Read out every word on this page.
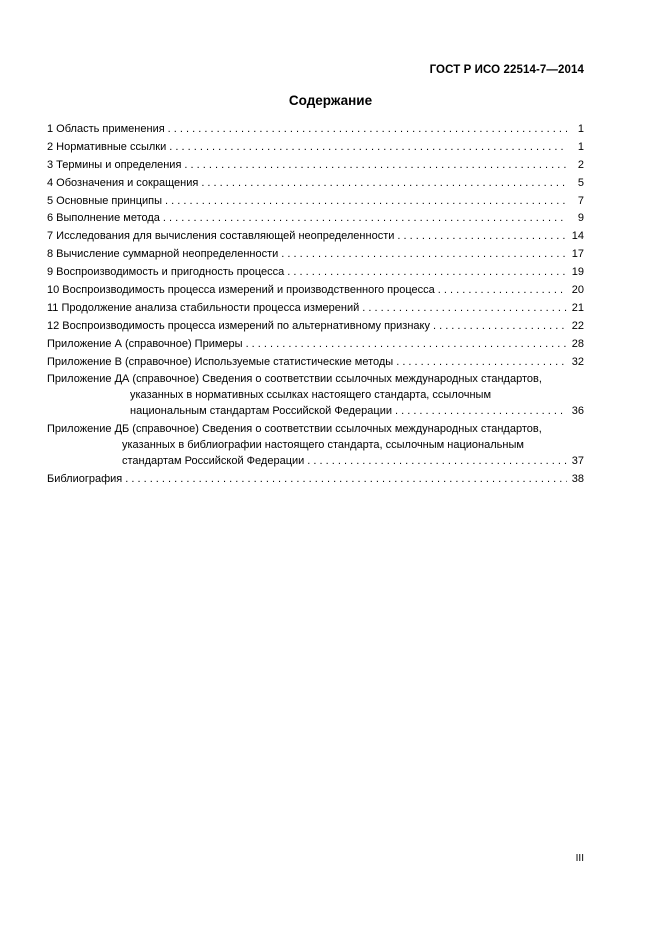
ГОСТ Р ИСО 22514-7—2014
Содержание
1 Область применения . . .	1
2 Нормативные ссылки . . .	1
3 Термины и определения . . .	2
4 Обозначения и сокращения . . .	5
5 Основные принципы . . .	7
6 Выполнение метода . . .	9
7 Исследования для вычисления составляющей неопределенности . . .	14
8 Вычисление суммарной неопределенности . . .	17
9 Воспроизводимость и пригодность процесса . . .	19
10 Воспроизводимость процесса измерений и производственного процесса . . .	20
11 Продолжение анализа стабильности процесса измерений . . .	21
12 Воспроизводимость процесса измерений по альтернативному признаку . . .	22
Приложение А (справочное) Примеры . . .	28
Приложение В (справочное) Используемые статистические методы . . .	32
Приложение ДА (справочное) Сведения о соответствии ссылочных международных стандартов,
указанных в нормативных ссылках настоящего стандарта, ссылочным
национальным стандартам Российской Федерации . . .	36
Приложение ДБ (справочное) Сведения о соответствии ссылочных международных стандартов,
указанных в библиографии настоящего стандарта, ссылочным национальным
стандартам Российской Федерации . . .	37
Библиография . . .	38
III
